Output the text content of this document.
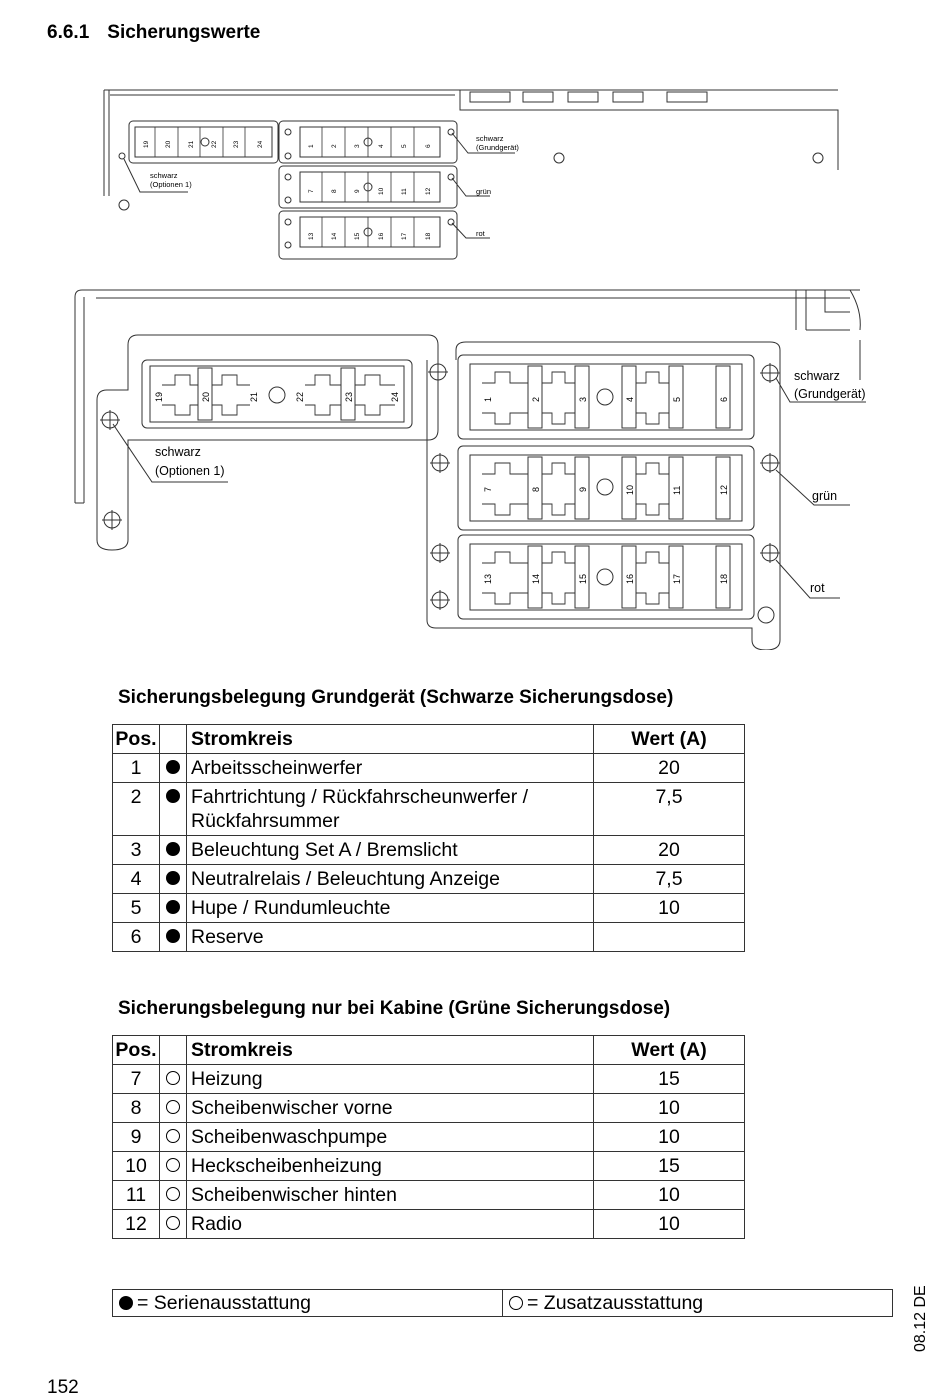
6.6.1 Sicherungswerte
schwarz
(Optionen 1)
schwarz
(Grundgerät)
grün
rot
19 20 21 22 23	24	1 2 3	4 5	6
7 8 9	10 11	12
13 14 15	16 17	18
schwarz
(Optionen 1)
schwarz
(Grundgerät)
grün
rot
19	20	21	22	23	24	1	2	3	4	5	6
7	8	9	10	11	12
13	14	15	16	17	18
Sicherungsbelegung Grundgerät (Schwarze Sicherungsdose)
Pos.		Stromkreis	Wert (A)
1		Arbeitsscheinwerfer	20
2		Fahrtrichtung / Rückfahrscheunwerfer / Rückfahrsummer	7,5
3		Beleuchtung Set A / Bremslicht	20
4		Neutralrelais / Beleuchtung Anzeige	7,5
5		Hupe / Rundumleuchte	10
6		Reserve	
Sicherungsbelegung nur bei Kabine (Grüne Sicherungsdose)
Pos.		Stromkreis	Wert (A)
7		Heizung	15
8		Scheibenwischer vorne	10
9		Scheibenwaschpumpe	10
10		Heckscheibenheizung	15
11		Scheibenwischer hinten	10
12		Radio	10
= Serienausstattung	= Zusatzausstattung	08.12 DE
152
